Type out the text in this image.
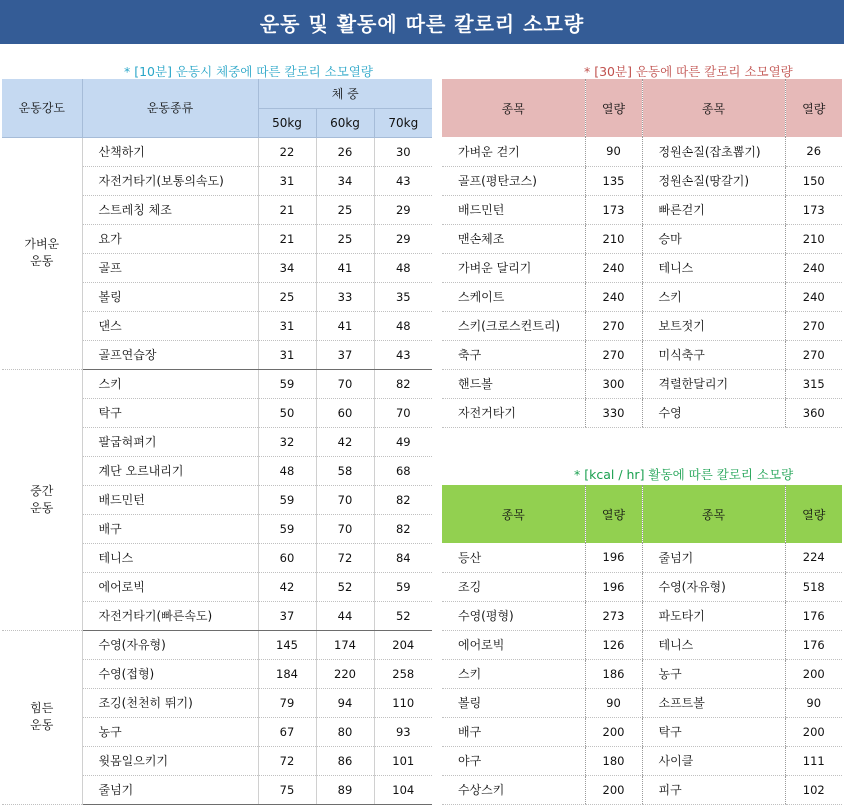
운동 및 활동에 따른 칼로리 소모량
* [10분] 운동시 체중에 따른 칼로리 소모열량	* [30분] 운동에 따른 칼로리 소모열량
* [kcal / hr] 활동에 따른 칼로리 소모량
운동강도	운동종류	체 중		
		50kg	60kg	70kg

가벼운
운동	산책하기	22	26	30
	자전거타기(보통의속도)	31	34	43
	스트레칭 체조	21	25	29
	요가	21	25	29
	골프	34	41	48
	볼링	25	33	35
	댄스	31	41	48
	골프연습장	31	37	43

중간
운동	스키	59	70	82
	탁구	50	60	70
	팔굽혀펴기	32	42	49
	계단 오르내리기	48	58	68
	배드민턴	59	70	82
	배구	59	70	82
	테니스	60	72	84
	에어로빅	42	52	59
	자전거타기(빠른속도)	37	44	52

힘든
운동	수영(자유형)	145	174	204
	수영(접형)	184	220	258
	조깅(천천히 뛰기)	79	94	110
	농구	67	80	93
	윗몸일으키기	72	86	101
	줄넘기	75	89	104
종목	열량	종목	열량
가벼운 걷기	90	정원손질(잡초뽑기)	26
골프(평탄코스)	135	정원손질(땅갈기)	150
배드민턴	173	빠른걷기	173
맨손체조	210	승마	210
가벼운 달리기	240	테니스	240
스케이트	240	스키	240
스키(크로스컨트리)	270	보트젓기	270
축구	270	미식축구	270
핸드볼	300	격렬한달리기	315
자전거타기	330	수영	360
종목	열량	종목	열량
등산	196	줄넘기	224
조깅	196	수영(자유형)	518
수영(평형)	273	파도타기	176
에어로빅	126	테니스	176
스키	186	농구	200
볼링	90	소프트볼	90
배구	200	탁구	200
야구	180	사이클	111
수상스키	200	피구	102
